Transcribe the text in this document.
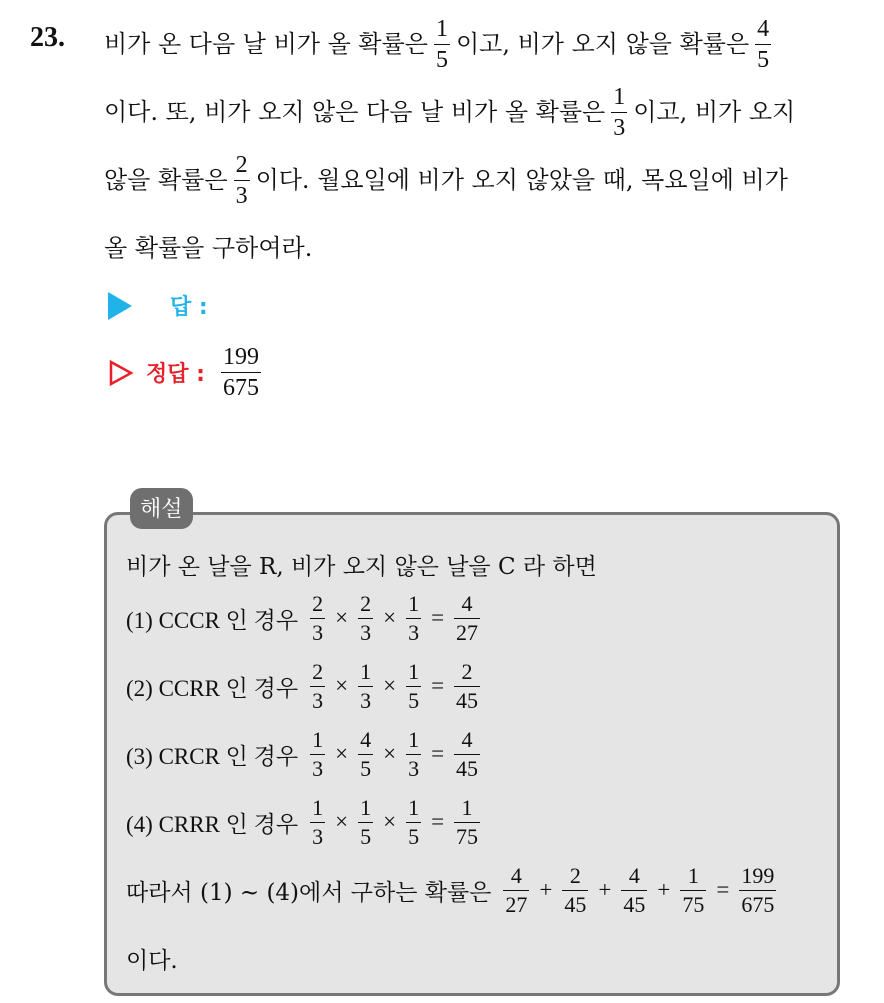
23. 비가 온 다음 날 비가 올 확률은 $\frac{1}{5}$ 이고, 비가 오지 않을 확률은 $\frac{4}{5}$
이다. 또, 비가 오지 않은 다음 날 비가 올 확률은 $\frac{1}{3}$ 이고, 비가 오지
않을 확률은 $\frac{2}{3}$ 이다. 월요일에 비가 오지 않았을 때, 목요일에 비가
올 확률을 구하여라.
답 :
정답 : $\frac{199}{675}$
해설
비가 온 날을 R, 비가 오지 않은 날을 C 라 하면
(1) CCCR 인 경우 $\frac{2}{3} \times \frac{2}{3} \times \frac{1}{3} = \frac{4}{27}$
(2) CCRR 인 경우 $\frac{2}{3} \times \frac{1}{3} \times \frac{1}{5} = \frac{2}{45}$
(3) CRCR 인 경우 $\frac{1}{3} \times \frac{4}{5} \times \frac{1}{3} = \frac{4}{45}$
(4) CRRR 인 경우 $\frac{1}{3} \times \frac{1}{5} \times \frac{1}{5} = \frac{1}{75}$
따라서 (1) ~ (4)에서 구하는 확률은 $\frac{4}{27} + \frac{2}{45} + \frac{4}{45} + \frac{1}{75} = \frac{199}{675}$
이다.
